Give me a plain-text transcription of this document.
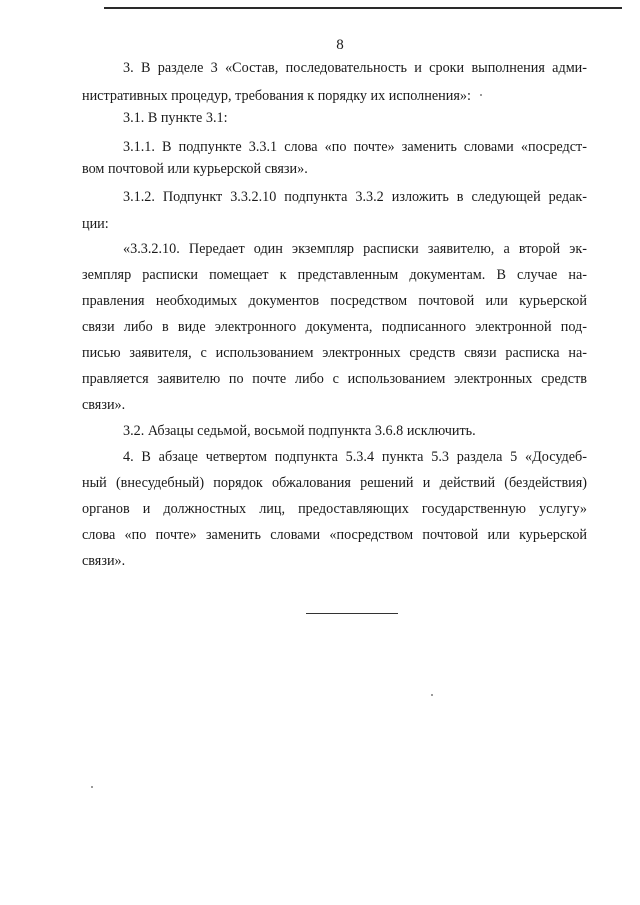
8
3. В разделе 3 «Состав, последовательность и сроки выполнения адми-
нистративных процедур, требования к порядку их исполнения»:
3.1. В пункте 3.1:
3.1.1. В подпункте 3.3.1 слова «по почте» заменить словами «посредст-
вом почтовой или курьерской связи».
3.1.2. Подпункт 3.3.2.10 подпункта 3.3.2 изложить в следующей редак-
ции:
«3.3.2.10. Передает один экземпляр расписки заявителю, а второй эк-
земпляр расписки помещает к представленным документам. В случае на-
правления необходимых документов посредством почтовой или курьерской
связи либо в виде электронного документа, подписанного электронной под-
писью заявителя, с использованием электронных средств связи расписка на-
правляется заявителю по почте либо с использованием электронных средств
связи».
3.2. Абзацы седьмой, восьмой подпункта 3.6.8 исключить.
4. В абзаце четвертом подпункта 5.3.4 пункта 5.3 раздела 5 «Досудеб-
ный (внесудебный) порядок обжалования решений и действий (бездействия)
органов и должностных лиц, предоставляющих государственную услугу»
слова «по почте» заменить словами «посредством почтовой или курьерской
связи».
